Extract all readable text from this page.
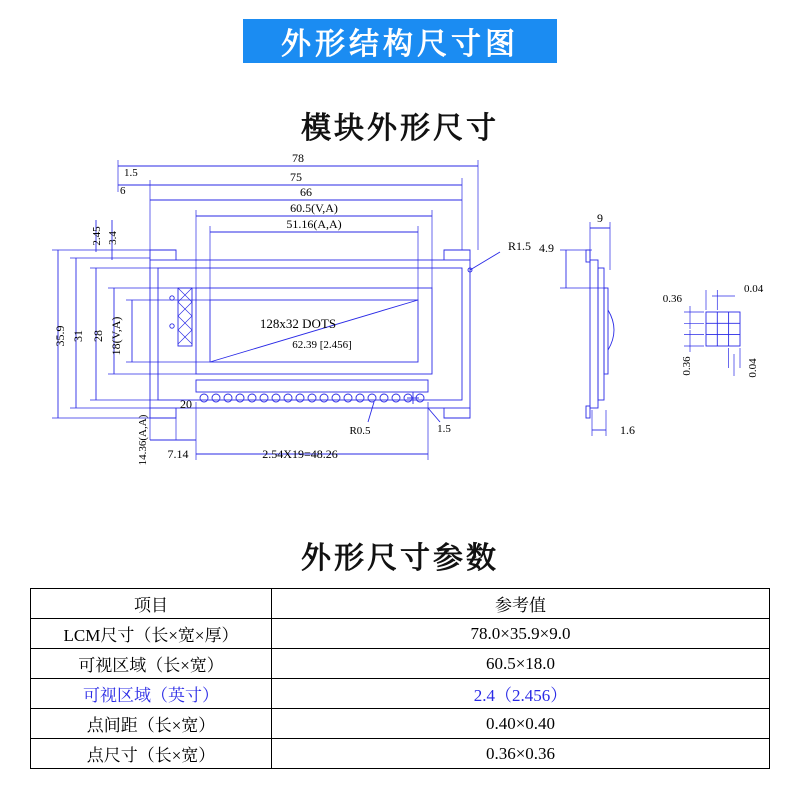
外形结构尺寸图
模块外形尺寸
78
75
66
60.5(V,A)
51.16(A,A)
1.5
6
35.9 31 28 18(V,A)
2.45 3.4
R1.5
128x32 DOTS
62.39 [2.456]
20
14.36(A,A) 7.14	2.54X19=48.26
R0.5	1.5
9
4.9
1.6
0.36
0.36
0.04
0.04
外形尺寸参数
项目	参考值
LCM尺寸（长×宽×厚）	78.0×35.9×9.0
可视区域（长×宽）	60.5×18.0
可视区域（英寸）	2.4（2.456）
点间距（长×宽）	0.40×0.40
点尺寸（长×宽）	0.36×0.36
